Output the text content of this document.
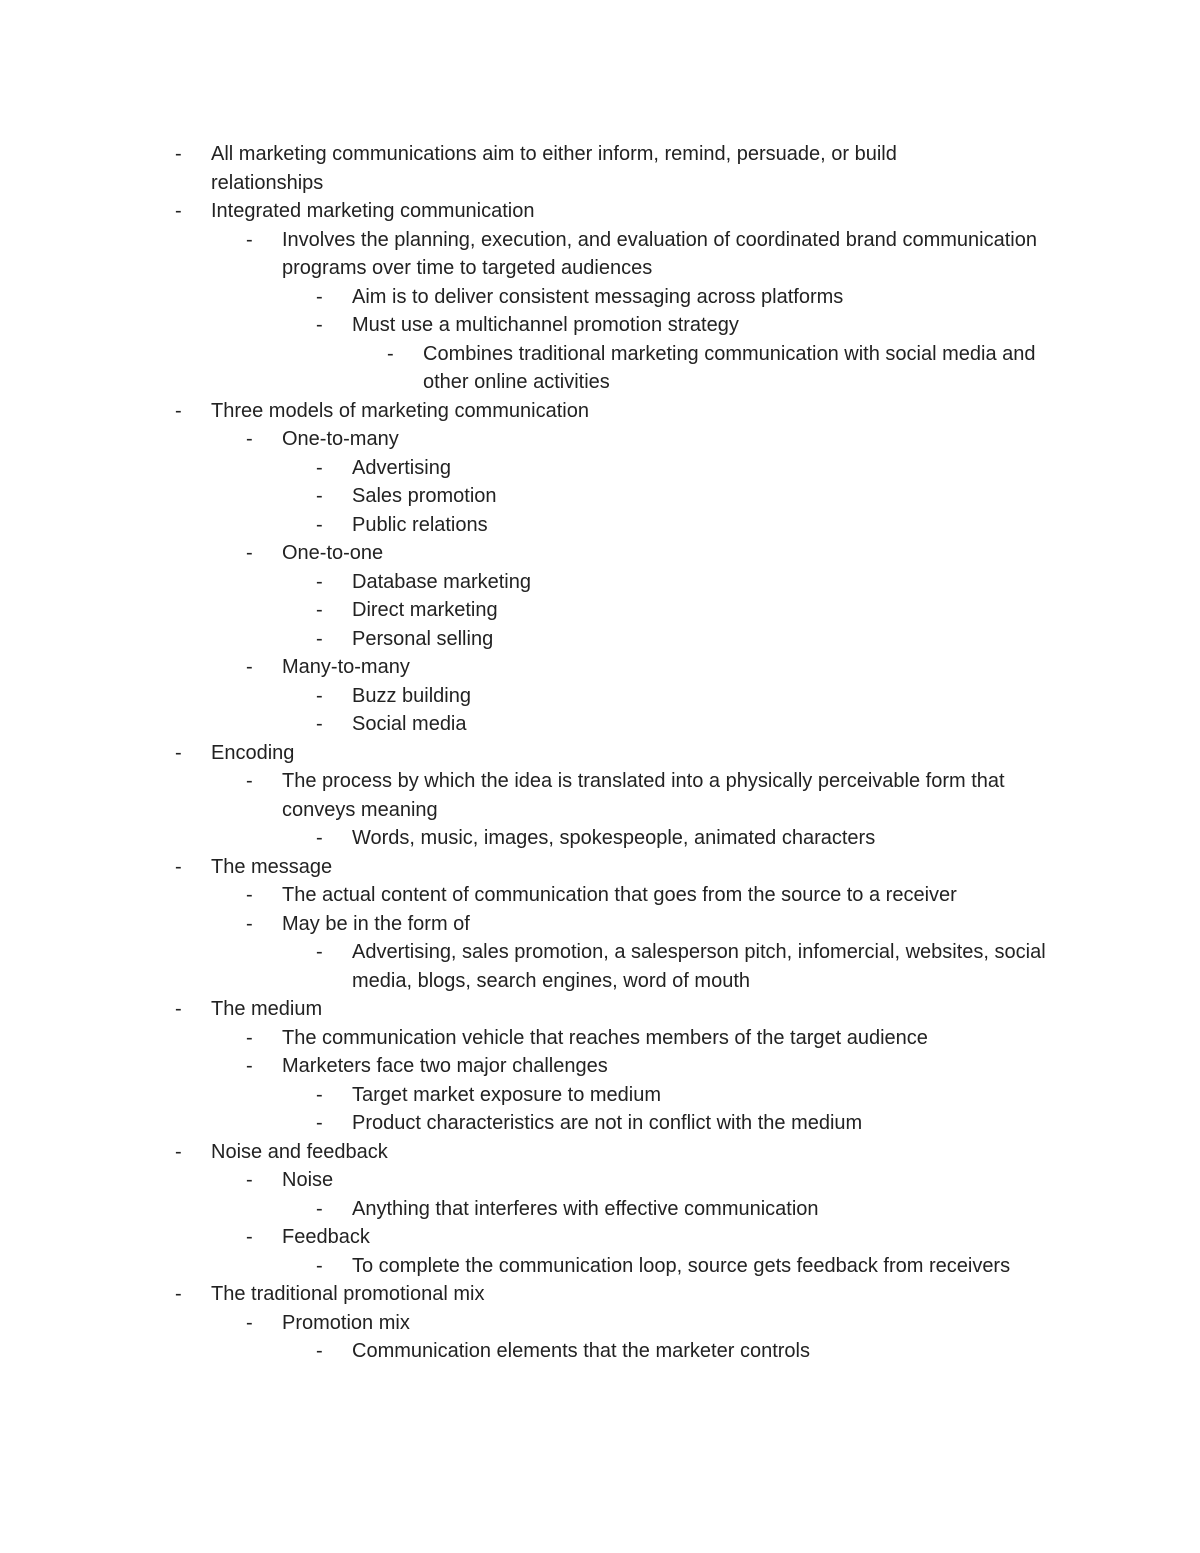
-	All marketing communications aim to either inform, remind, persuade, or build relationships
-	Integrated marketing communication
-	Involves the planning, execution, and evaluation of coordinated brand communication programs over time to targeted audiences
-	Aim is to deliver consistent messaging across platforms
-	Must use a multichannel promotion strategy
-	Combines traditional marketing communication with social media and other online activities
-	Three models of marketing communication
-	One-to-many
-	Advertising
-	Sales promotion
-	Public relations
-	One-to-one
-	Database marketing
-	Direct marketing
-	Personal selling
-	Many-to-many
-	Buzz building
-	Social media
-	Encoding
-	The process by which the idea is translated into a physically perceivable form that conveys meaning
-	Words, music, images, spokespeople, animated characters
-	The message
-	The actual content of communication that goes from the source to a receiver
-	May be in the form of
-	Advertising, sales promotion, a salesperson pitch, infomercial, websites, social media, blogs, search engines, word of mouth
-	The medium
-	The communication vehicle that reaches members of the target audience
-	Marketers face two major challenges
-	Target market exposure to medium
-	Product characteristics are not in conflict with the medium
-	Noise and feedback
-	Noise
-	Anything that interferes with effective communication
-	Feedback
-	To complete the communication loop, source gets feedback from receivers
-	The traditional promotional mix
-	Promotion mix
-	Communication elements that the marketer controls
